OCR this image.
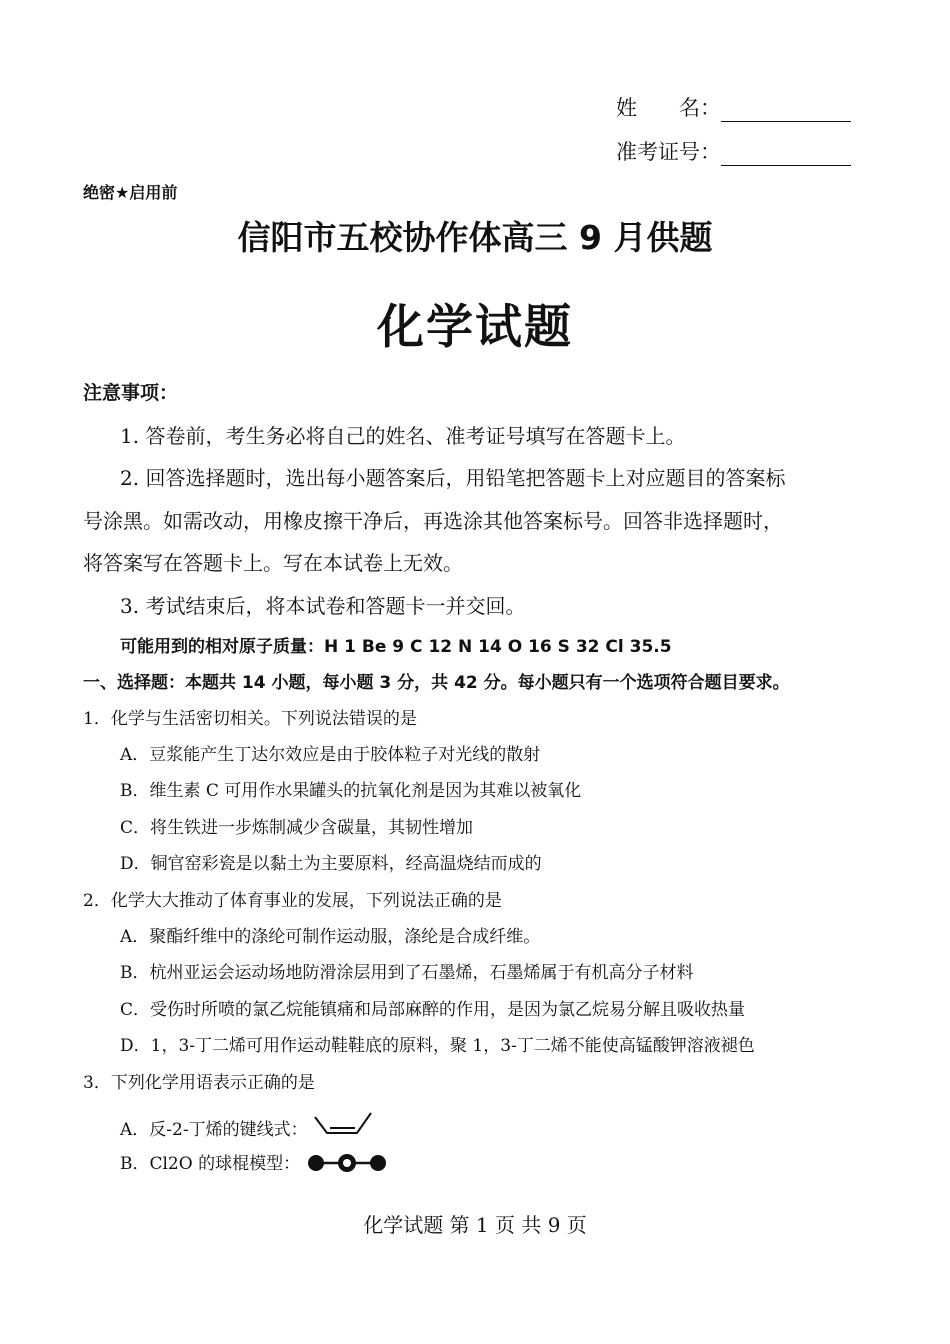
姓　　名：
准考证号：
绝密★启用前
信阳市五校协作体高三 9 月供题
化学试题
注意事项：
1. 答卷前，考生务必将自己的姓名、准考证号填写在答题卡上。
2. 回答选择题时，选出每小题答案后，用铅笔把答题卡上对应题目的答案标
号涂黑。如需改动，用橡皮擦干净后，再选涂其他答案标号。回答非选择题时，
将答案写在答题卡上。写在本试卷上无效。
3. 考试结束后，将本试卷和答题卡一并交回。
可能用到的相对原子质量：H 1 Be 9 C 12 N 14 O 16 S 32 Cl 35.5
一、选择题：本题共 14 小题，每小题 3 分，共 42 分。每小题只有一个选项符合题目要求。
1．化学与生活密切相关。下列说法错误的是
A．豆浆能产生丁达尔效应是由于胶体粒子对光线的散射
B．维生素 C 可用作水果罐头的抗氧化剂是因为其难以被氧化
C．将生铁进一步炼制减少含碳量，其韧性增加
D．铜官窑彩瓷是以黏土为主要原料，经高温烧结而成的
2．化学大大推动了体育事业的发展，下列说法正确的是
A．聚酯纤维中的涤纶可制作运动服，涤纶是合成纤维。
B．杭州亚运会运动场地防滑涂层用到了石墨烯，石墨烯属于有机高分子材料
C．受伤时所喷的氯乙烷能镇痛和局部麻醉的作用，是因为氯乙烷易分解且吸收热量
D．1，3-丁二烯可用作运动鞋鞋底的原料，聚 1，3-丁二烯不能使高锰酸钾溶液褪色
3．下列化学用语表示正确的是
A．反-2-丁烯的键线式：
B．Cl2O 的球棍模型：
化学试题 第 1 页 共 9 页
